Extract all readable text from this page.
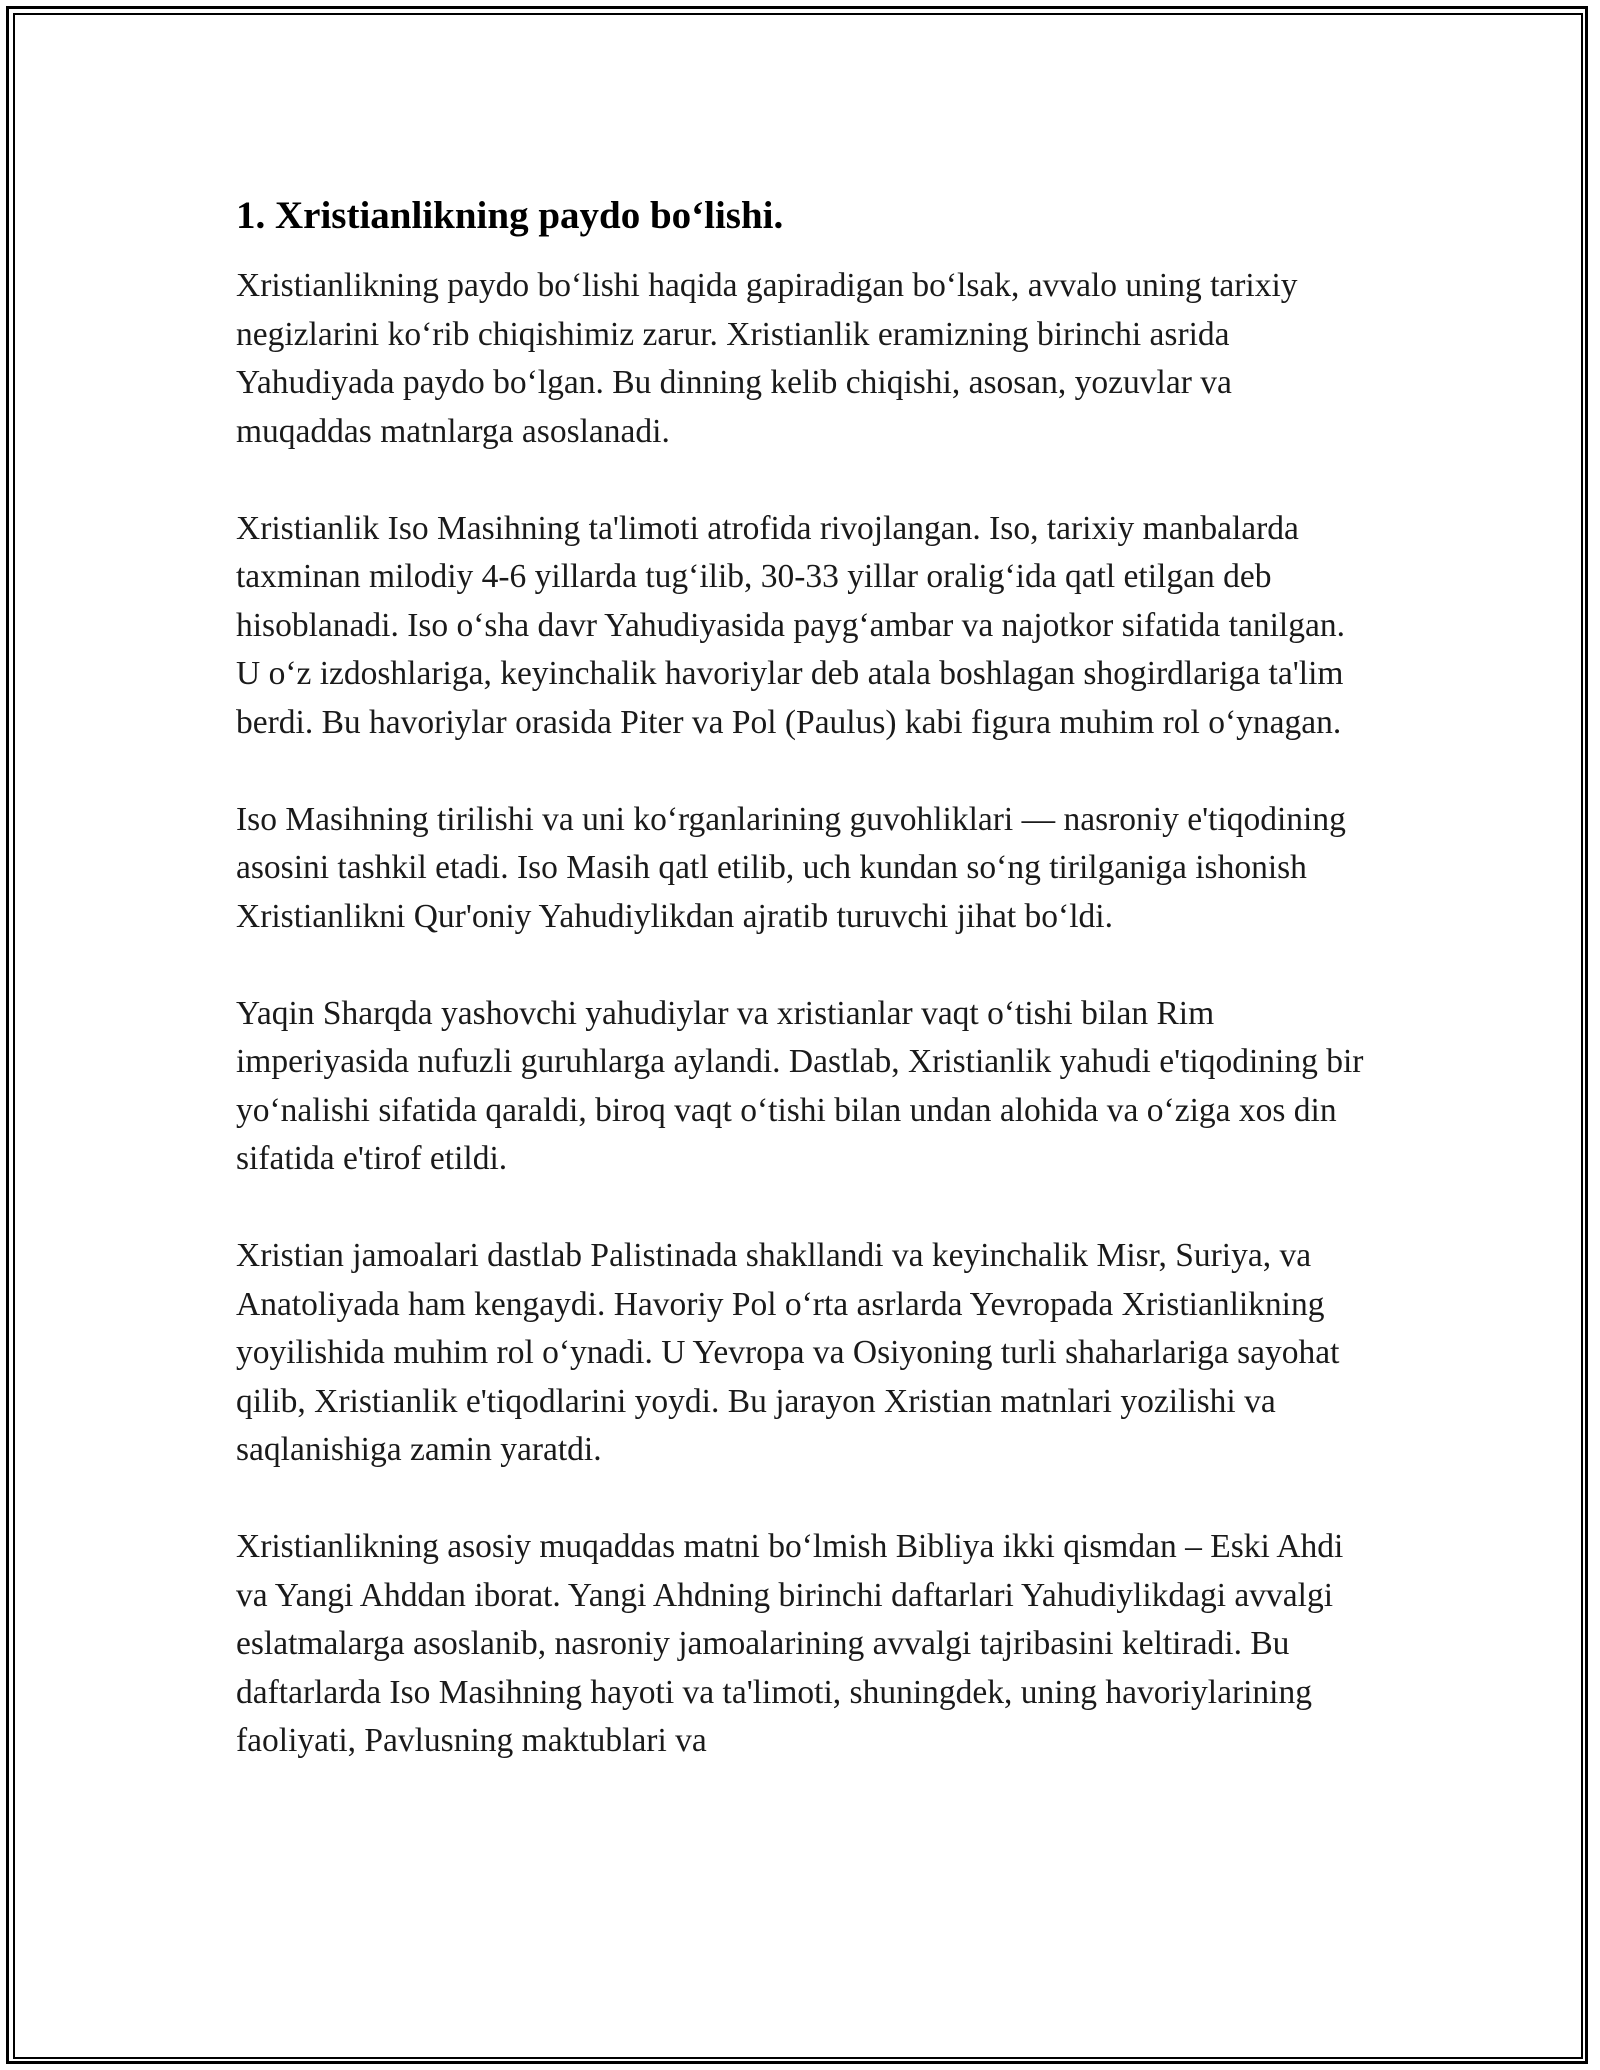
1. Xristianlikning paydo bo‘lishi.

Xristianlikning paydo bo‘lishi haqida gapiradigan bo‘lsak, avvalo uning tarixiy negizlarini ko‘rib chiqishimiz zarur. Xristianlik eramizning birinchi asrida Yahudiyada paydo bo‘lgan. Bu dinning kelib chiqishi, asosan, yozuvlar va muqaddas matnlarga asoslanadi.

Xristianlik Iso Masihning ta'limoti atrofida rivojlangan. Iso, tarixiy manbalarda taxminan milodiy 4-6 yillarda tug‘ilib, 30-33 yillar oralig‘ida qatl etilgan deb hisoblanadi. Iso o‘sha davr Yahudiyasida payg‘ambar va najotkor sifatida tanilgan. U o‘z izdoshlariga, keyinchalik havoriylar deb atala boshlagan shogirdlariga ta'lim berdi. Bu havoriylar orasida Piter va Pol (Paulus) kabi figura muhim rol o‘ynagan.

Iso Masihning tirilishi va uni ko‘rganlarining guvohliklari — nasroniy e'tiqodining asosini tashkil etadi. Iso Masih qatl etilib, uch kundan so‘ng tirilganiga ishonish Xristianlikni Qur'oniy Yahudiylikdan ajratib turuvchi jihat bo‘ldi.

Yaqin Sharqda yashovchi yahudiylar va xristianlar vaqt o‘tishi bilan Rim imperiyasida nufuzli guruhlarga aylandi. Dastlab, Xristianlik yahudi e'tiqodining bir yo‘nalishi sifatida qaraldi, biroq vaqt o‘tishi bilan undan alohida va o‘ziga xos din sifatida e'tirof etildi.

Xristian jamoalari dastlab Palistinada shakllandi va keyinchalik Misr, Suriya, va Anatoliyada ham kengaydi. Havoriy Pol o‘rta asrlarda Yevropada Xristianlikning yoyilishida muhim rol o‘ynadi. U Yevropa va Osiyoning turli shaharlariga sayohat qilib, Xristianlik e'tiqodlarini yoydi. Bu jarayon Xristian matnlari yozilishi va saqlanishiga zamin yaratdi.

Xristianlikning asosiy muqaddas matni bo‘lmish Bibliya ikki qismdan – Eski Ahdi va Yangi Ahddan iborat. Yangi Ahdning birinchi daftarlari Yahudiylikdagi avvalgi eslatmalarga asoslanib, nasroniy jamoalarining avvalgi tajribasini keltiradi. Bu daftarlarda Iso Masihning hayoti va ta'limoti, shuningdek, uning havoriylarining faoliyati, Pavlusning maktublari va
